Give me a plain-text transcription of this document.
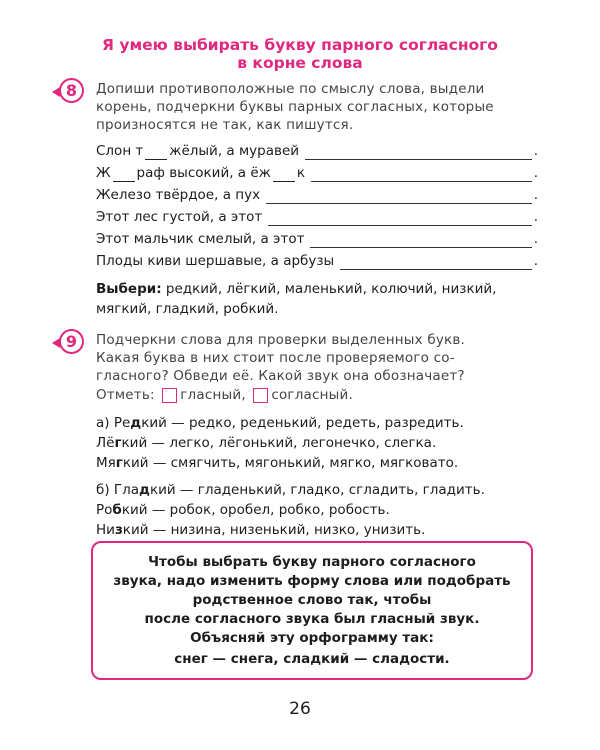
Я умею выбирать букву парного согласного
в корне слова
8	Допиши противоположные по смыслу слова, выдели
корень, подчеркни буквы парных согласных, которые
произносятся не так, как пишутся.
Слон т жёлый, а муравей	.
Ж раф высокий, а ёж к	.
Железо твёрдое, а пух	.
Этот лес густой, а этот	.
Этот мальчик смелый, а этот	.
Плоды киви шершавые, а арбузы	.
Выбери: редкий, лёгкий, маленький, колючий, низкий,
мягкий, гладкий, робкий.
9	Подчеркни слова для проверки выделенных букв.
Какая буква в них стоит после проверяемого со-
гласного? Обведи её. Какой звук она обозначает?
Отметь: гласный, согласный.
а) Редкий — редко, реденький, редеть, разредить.
Лёгкий — легко, лёгонький, легонечко, слегка.
Мягкий — смягчить, мягонький, мягко, мягковато.
б) Гладкий — гладенький, гладко, сгладить, гладить.
Робкий — робок, оробел, робко, робость.
Низкий — низина, низенький, низко, унизить.
Чтобы выбрать букву парного согласного
звука, надо изменить форму слова или подобрать
родственное слово так, чтобы
после согласного звука был гласный звук.
Объясняй эту орфограмму так:
снег — снега, сладкий — сладости.
26
